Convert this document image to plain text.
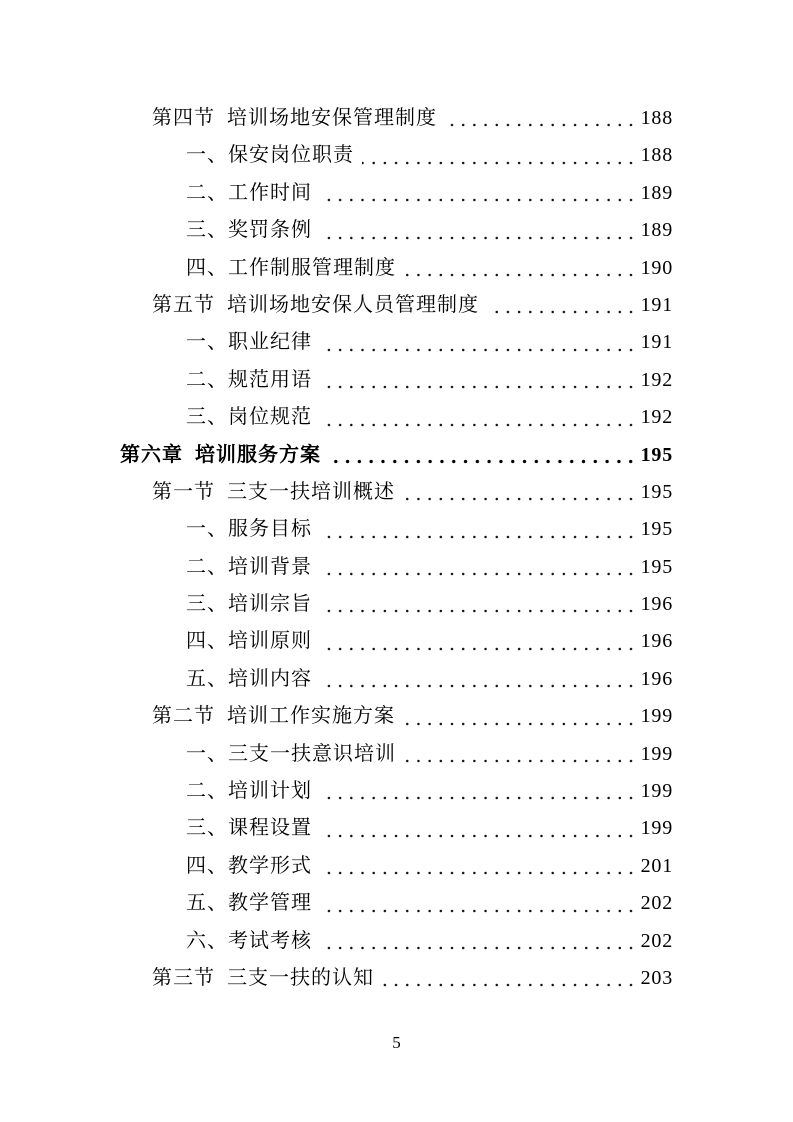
第四节 培训场地安保管理制度	188
一、保安岗位职责	188
二、工作时间	189
三、奖罚条例	189
四、工作制服管理制度	190
第五节 培训场地安保人员管理制度	191
一、职业纪律	191
二、规范用语	192
三、岗位规范	192
第六章 培训服务方案	195
第一节 三支一扶培训概述	195
一、服务目标	195
二、培训背景	195
三、培训宗旨	196
四、培训原则	196
五、培训内容	196
第二节 培训工作实施方案	199
一、三支一扶意识培训	199
二、培训计划	199
三、课程设置	199
四、教学形式	201
五、教学管理	202
六、考试考核	202
第三节 三支一扶的认知	203
5
